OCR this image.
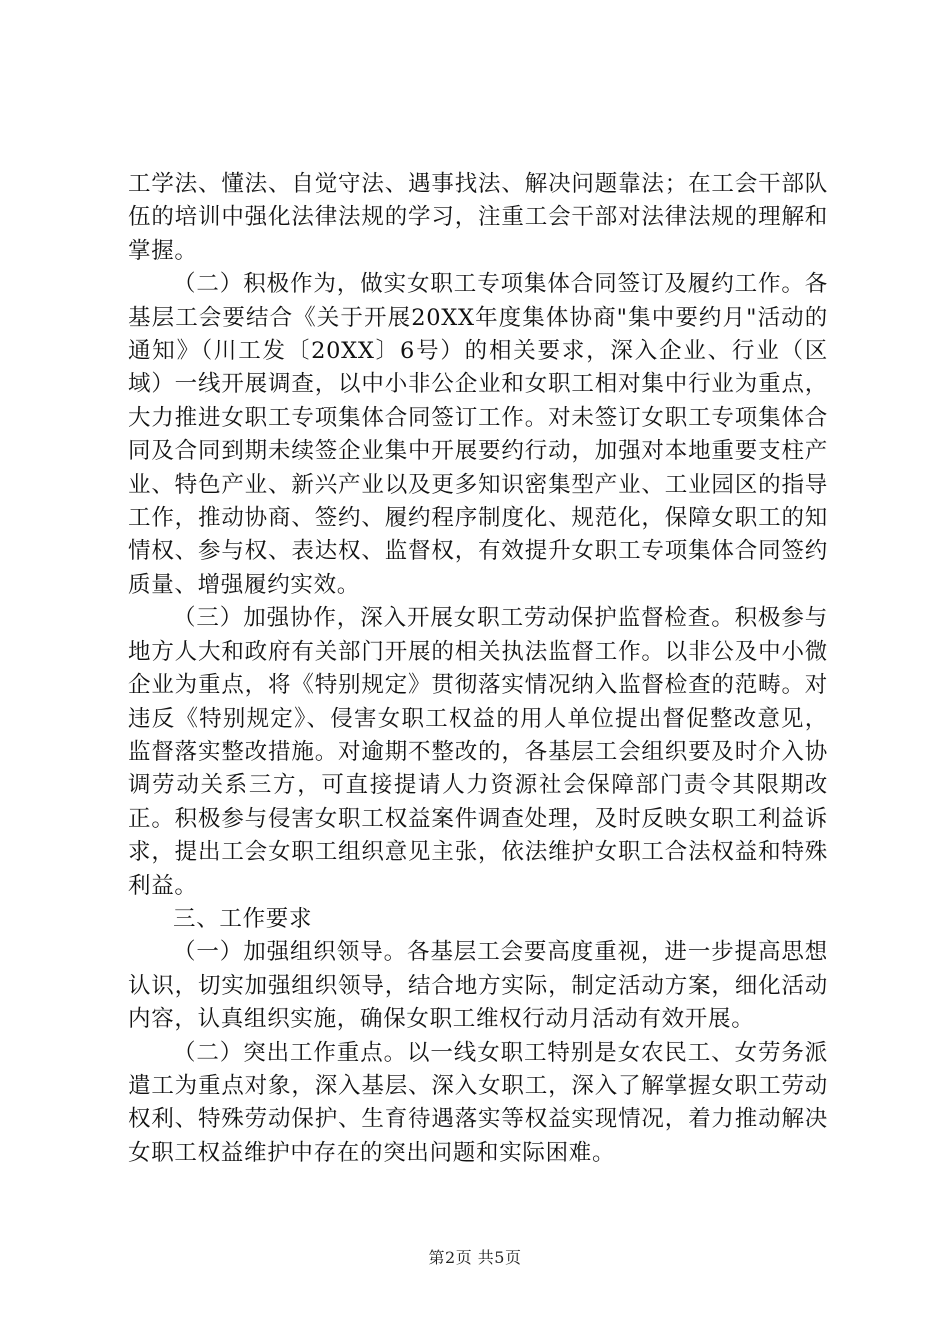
工学法、懂法、自觉守法、遇事找法、解决问题靠法；在工会干部队伍的培训中强化法律法规的学习，注重工会干部对法律法规的理解和掌握。

（二）积极作为，做实女职工专项集体合同签订及履约工作。各基层工会要结合《关于开展20XX年度集体协商"集中要约月"活动的通知》（川工发〔20XX〕6号）的相关要求，深入企业、行业（区域）一线开展调查，以中小非公企业和女职工相对集中行业为重点，大力推进女职工专项集体合同签订工作。对未签订女职工专项集体合同及合同到期未续签企业集中开展要约行动，加强对本地重要支柱产业、特色产业、新兴产业以及更多知识密集型产业、工业园区的指导工作，推动协商、签约、履约程序制度化、规范化，保障女职工的知情权、参与权、表达权、监督权，有效提升女职工专项集体合同签约质量、增强履约实效。

（三）加强协作，深入开展女职工劳动保护监督检查。积极参与地方人大和政府有关部门开展的相关执法监督工作。以非公及中小微企业为重点，将《特别规定》贯彻落实情况纳入监督检查的范畴。对违反《特别规定》、侵害女职工权益的用人单位提出督促整改意见，监督落实整改措施。对逾期不整改的，各基层工会组织要及时介入协调劳动关系三方，可直接提请人力资源社会保障部门责令其限期改正。积极参与侵害女职工权益案件调查处理，及时反映女职工利益诉求，提出工会女职工组织意见主张，依法维护女职工合法权益和特殊利益。

三、工作要求

（一）加强组织领导。各基层工会要高度重视，进一步提高思想认识，切实加强组织领导，结合地方实际，制定活动方案，细化活动内容，认真组织实施，确保女职工维权行动月活动有效开展。

（二）突出工作重点。以一线女职工特别是女农民工、女劳务派遣工为重点对象，深入基层、深入女职工，深入了解掌握女职工劳动权利、特殊劳动保护、生育待遇落实等权益实现情况，着力推动解决女职工权益维护中存在的突出问题和实际困难。

第2页 共5页
